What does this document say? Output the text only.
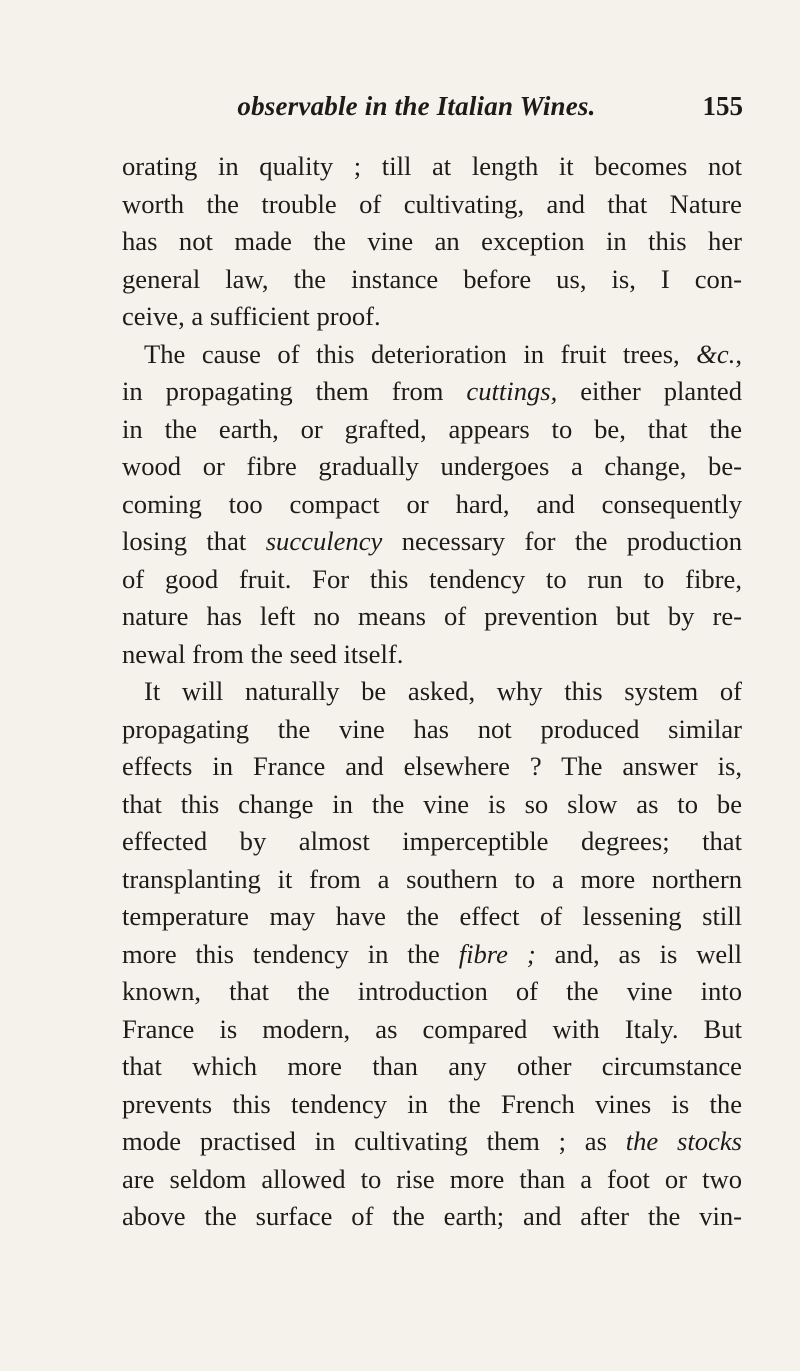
observable in the Italian Wines.	155
orating in quality ; till at length it becomes not
worth the trouble of cultivating, and that Nature
has not made the vine an exception in this her
general law, the instance before us, is, I con-
ceive, a sufficient proof.
The cause of this deterioration in fruit trees, &c.,
in propagating them from cuttings, either planted
in the earth, or grafted, appears to be, that the
wood or fibre gradually undergoes a change, be-
coming too compact or hard, and consequently
losing that succulency necessary for the production
of good fruit. For this tendency to run to fibre,
nature has left no means of prevention but by re-
newal from the seed itself.
It will naturally be asked, why this system of
propagating the vine has not produced similar
effects in France and elsewhere ? The answer is,
that this change in the vine is so slow as to be
effected by almost imperceptible degrees; that
transplanting it from a southern to a more northern
temperature may have the effect of lessening still
more this tendency in the fibre ; and, as is well
known, that the introduction of the vine into
France is modern, as compared with Italy. But
that which more than any other circumstance
prevents this tendency in the French vines is the
mode practised in cultivating them ; as the stocks
are seldom allowed to rise more than a foot or two
above the surface of the earth; and after the vin-
